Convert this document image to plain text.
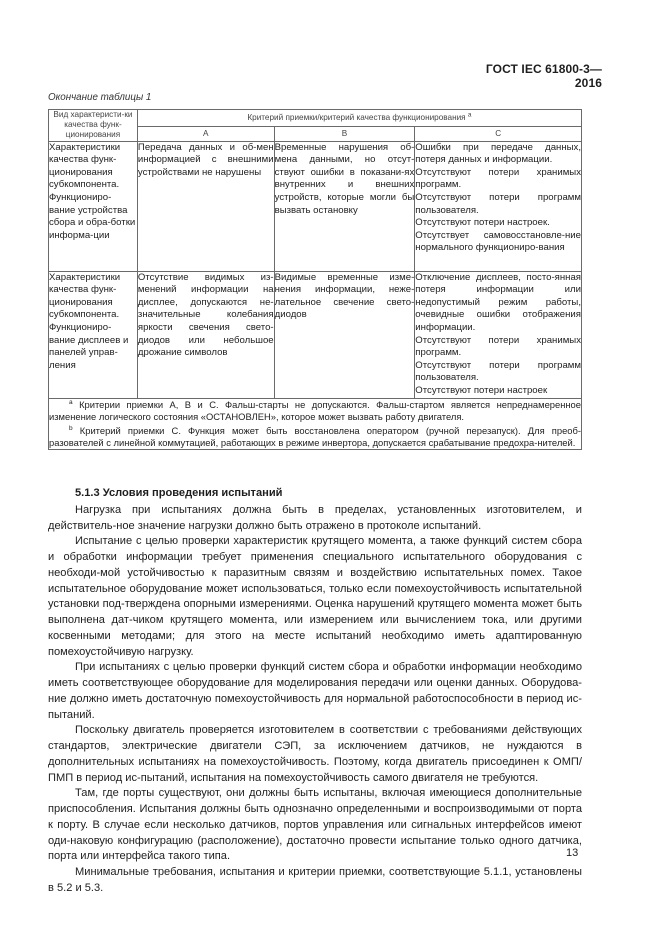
ГОСТ IEC 61800-3—2016
Окончание таблицы 1
Вид характеристи-ки качества функ-ционирования	Критерий приемки/критерий качества функционирования $^a$
	A	B	C

Характеристики качества функ-ционирования субкомпонента. Функциониро-вание устройства сбора и обра-ботки информа-ции	Передача данных и об-мен информацией с внешними устройствами не нарушены	Временные нарушения об-мена данными, но отсут-ствуют ошибки в показани-ях внутренних и внешних устройств, которые могли бы вызвать остановку	Ошибки при передаче данных, потеря данных и информации.

Отсутствуют потери хранимых программ.

Отсутствуют потери программ пользователя.

Отсутствуют потери настроек.

Отсутствует самовосстановле-ние нормального функциониро-вания

Характеристики качества функ-ционирования субкомпонента. Функциониро-вание дисплеев и панелей управ-ления	Отсутствие видимых из-менений информации на дисплее, допускаются не-значительные колебания яркости свечения свето-диодов или небольшое дрожание символов	Видимые временные изме-нения информации, неже-лательное свечение свето-диодов	Отключение дисплеев, посто-янная потеря информации или недопустимый режим работы, очевидные ошибки отображения информации.

Отсутствуют потери хранимых программ.

Отсутствуют потери программ пользователя.

Отсутствуют потери настроек

$^a$ Критерии приемки A, B и C. Фальш-старты не допускаются. Фальш-стартом является непреднамеренное изменение логического состояния «ОСТАНОВЛЕН», которое может вызвать работу двигателя.

$^b$ Критерий приемки C. Функция может быть восстановлена оператором (ручной перезапуск). Для преоб-разователей с линейной коммутацией, работающих в режиме инвертора, допускается срабатывание предохра-нителей.			

5.1.3 Условия проведения испытаний

Нагрузка при испытаниях должна быть в пределах, установленных изготовителем, и действитель-ное значение нагрузки должно быть отражено в протоколе испытаний.

Испытание с целью проверки характеристик крутящего момента, а также функций систем сбора и обработки информации требует применения специального испытательного оборудования с необходи-мой устойчивостью к паразитным связям и воздействию испытательных помех. Такое испытательное оборудование может использоваться, только если помехоустойчивость испытательной установки под-тверждена опорными измерениями. Оценка нарушений крутящего момента может быть выполнена дат-чиком крутящего момента, или измерением или вычислением тока, или другими косвенными методами; для этого на месте испытаний необходимо иметь адаптированную помехоустойчивую нагрузку.

При испытаниях с целью проверки функций систем сбора и обработки информации необходимо иметь соответствующее оборудование для моделирования передачи или оценки данных. Оборудова-ние должно иметь достаточную помехоустойчивость для нормальной работоспособности в период ис-пытаний.

Поскольку двигатель проверяется изготовителем в соответствии с требованиями действующих стандартов, электрические двигатели СЭП, за исключением датчиков, не нуждаются в дополнительных испытаниях на помехоустойчивость. Поэтому, когда двигатель присоединен к ОМП/ПМП в период ис-пытаний, испытания на помехоустойчивость самого двигателя не требуются.

Там, где порты существуют, они должны быть испытаны, включая имеющиеся дополнительные приспособления. Испытания должны быть однозначно определенными и воспроизводимыми от порта к порту. В случае если несколько датчиков, портов управления или сигнальных интерфейсов имеют оди-наковую конфигурацию (расположение), достаточно провести испытание только одного датчика, порта или интерфейса такого типа.

Минимальные требования, испытания и критерии приемки, соответствующие 5.1.1, установлены в 5.2 и 5.3.

13
